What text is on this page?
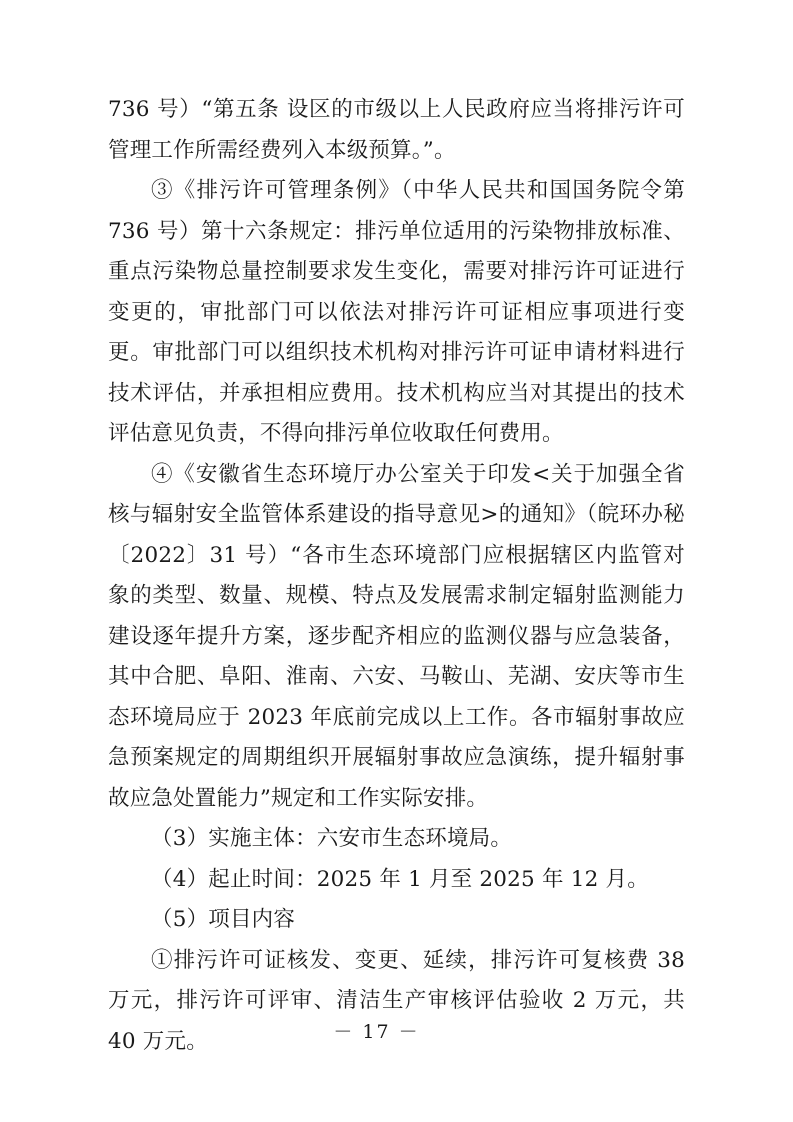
736 号）“第五条 设区的市级以上人民政府应当将排污许可管理工作所需经费列入本级预算。”。

③《排污许可管理条例》（中华人民共和国国务院令第 736 号）第十六条规定：排污单位适用的污染物排放标准、重点污染物总量控制要求发生变化，需要对排污许可证进行变更的，审批部门可以依法对排污许可证相应事项进行变更。审批部门可以组织技术机构对排污许可证申请材料进行技术评估，并承担相应费用。技术机构应当对其提出的技术评估意见负责，不得向排污单位收取任何费用。

④《安徽省生态环境厅办公室关于印发<关于加强全省核与辐射安全监管体系建设的指导意见>的通知》（皖环办秘〔2022〕31 号）“各市生态环境部门应根据辖区内监管对象的类型、数量、规模、特点及发展需求制定辐射监测能力建设逐年提升方案，逐步配齐相应的监测仪器与应急装备，其中合肥、阜阳、淮南、六安、马鞍山、芜湖、安庆等市生态环境局应于 2023 年底前完成以上工作。各市辐射事故应急预案规定的周期组织开展辐射事故应急演练，提升辐射事故应急处置能力”规定和工作实际安排。

（3）实施主体：六安市生态环境局。

（4）起止时间：2025 年 1 月至 2025 年 12 月。

（5）项目内容

①排污许可证核发、变更、延续，排污许可复核费 38 万元，排污许可评审、清洁生产审核评估验收 2 万元，共 40 万元。	－ 17 －
